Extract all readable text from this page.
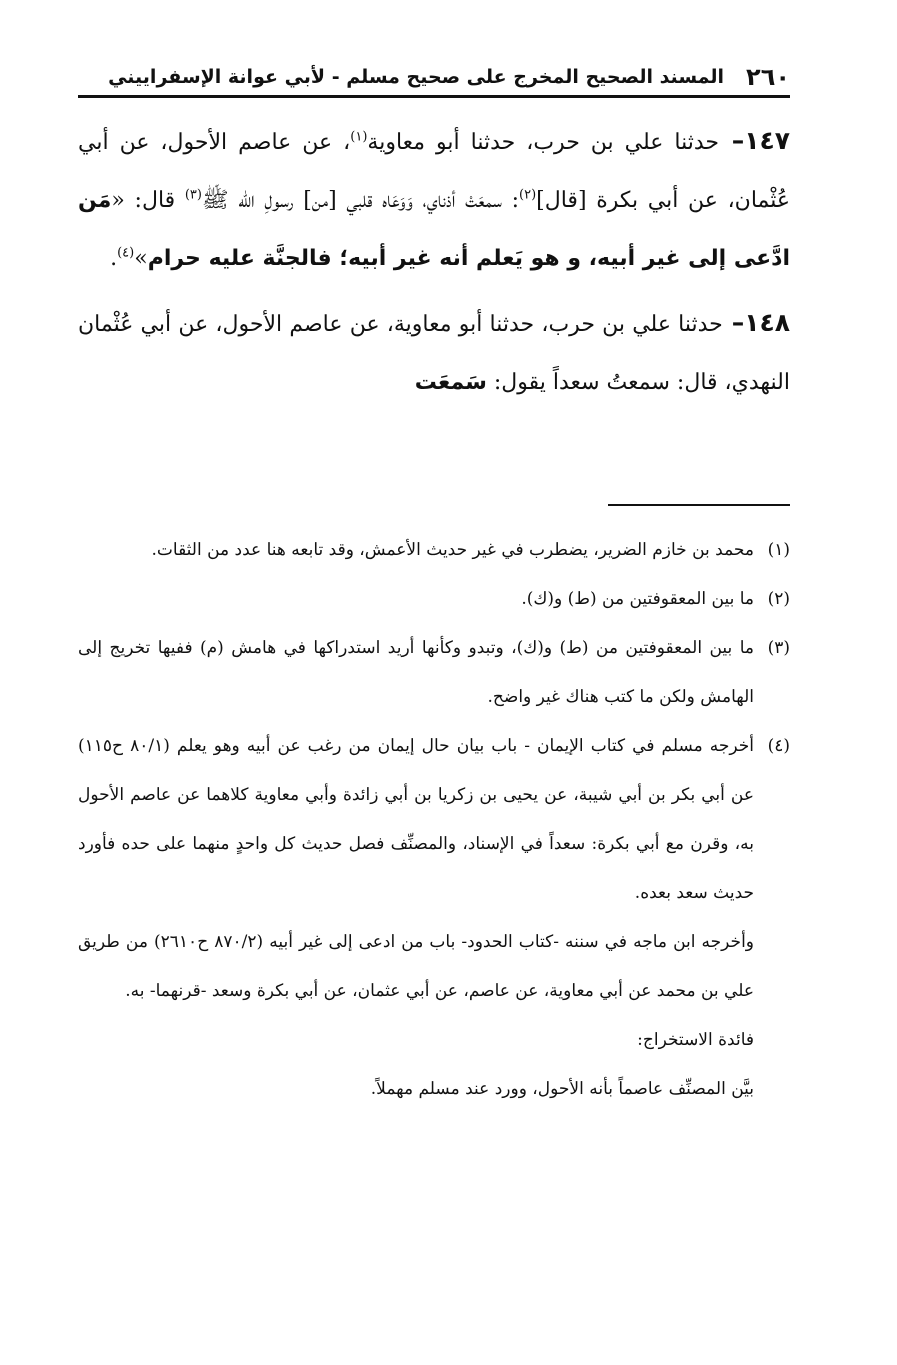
٢٦٠
المسند الصحيح المخرج على صحيح مسلم - لأبي عوانة الإسفراييني

١٤٧– حدثنا علي بن حرب، حدثنا أبو معاوية$^{(١)}$، عن عاصم الأحول، عن أبي عُثْمان، عن أبي بكرة [قال]$^{(٢)}$: سمعَتْ أذناي، وَوَعَاه قلبي [من] رسولِ الله ﷺ$^{(٣)}$ قال: «مَن ادَّعى إلى غير أبيه، و هو يَعلم أنه غير أبيه؛ فالجنَّة عليه حرام»$^{(٤)}$.

١٤٨– حدثنا علي بن حرب، حدثنا أبو معاوية، عن عاصم الأحول، عن أبي عُثْمان النهدي، قال: سمعتُ سعداً يقول: سَمعَت

(١)
محمد بن خازم الضرير، يضطرب في غير حديث الأعمش، وقد تابعه هنا عدد من الثقات.
(٢)
ما بين المعقوفتين من (ط) و(ك).
(٣)
ما بين المعقوفتين من (ط) و(ك)، وتبدو وكأنها أريد استدراكها في هامش (م) ففيها تخريج إلى الهامش ولكن ما كتب هناك غير واضح.
(٤)
أخرجه مسلم في كتاب الإيمان - باب بيان حال إيمان من رغب عن أبيه وهو يعلم (٨٠/١ ح١١٥) عن أبي بكر بن أبي شيبة، عن يحيى بن زكريا بن أبي زائدة وأبي معاوية كلاهما عن عاصم الأحول به، وقرن مع أبي بكرة: سعداً في الإسناد، والمصنِّف فصل حديث كل واحدٍ منهما على حده فأورد حديث سعد بعده.

وأخرجه ابن ماجه في سننه -كتاب الحدود- باب من ادعى إلى غير أبيه (٨٧٠/٢ ح٢٦١٠) من طريق علي بن محمد عن أبي معاوية، عن عاصم، عن أبي عثمان، عن أبي بكرة وسعد -قرنهما- به.

فائدة الاستخراج:

بيَّن المصنِّف عاصماً بأنه الأحول، وورد عند مسلم مهملاً.
